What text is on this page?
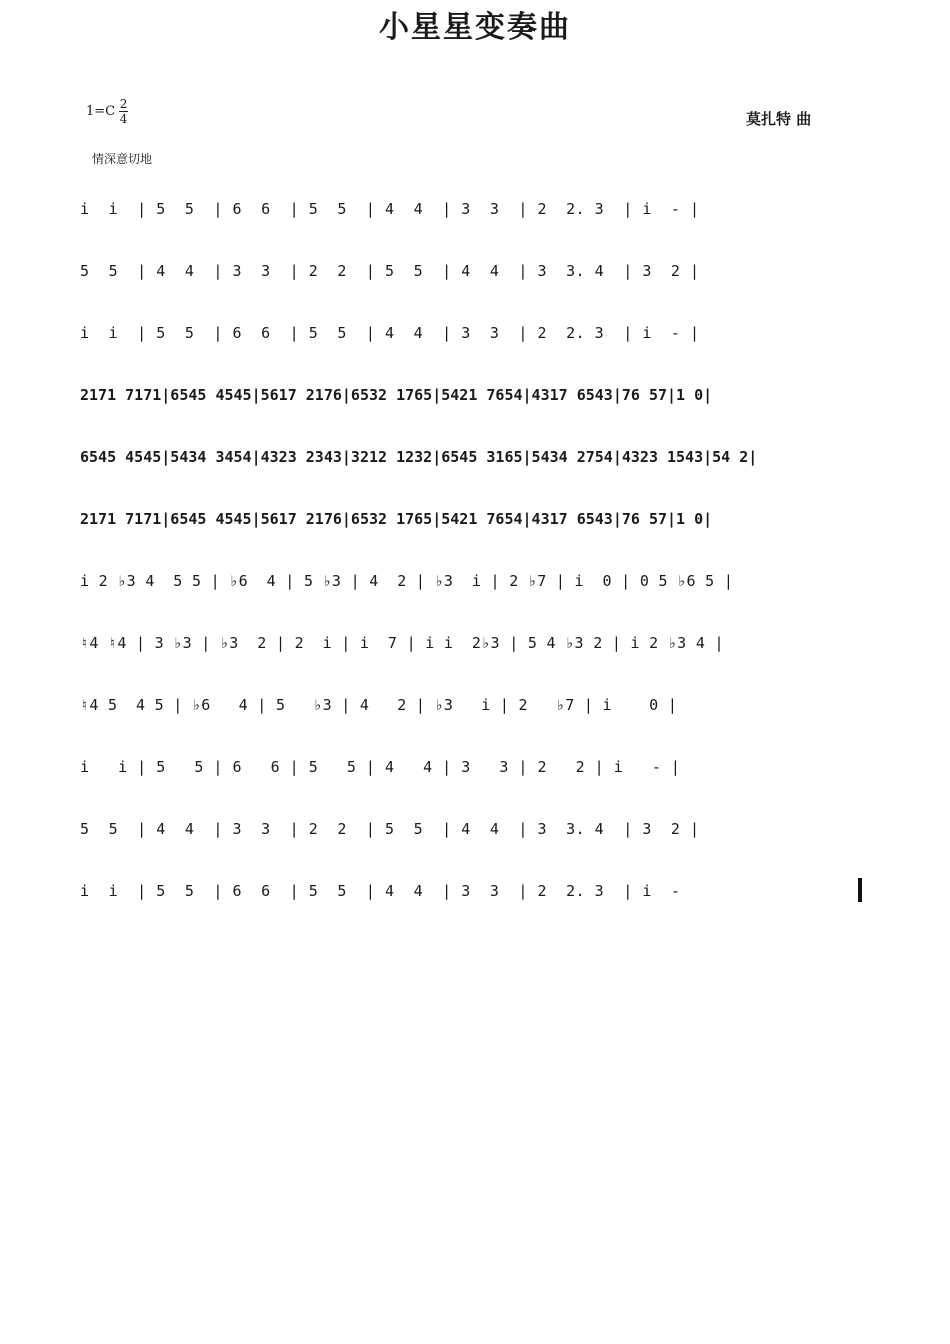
小星星变奏曲
$1=C \frac{2}{4}$	莫扎特 曲
情深意切地
i  i  | 5  5  | 6  6  | 5  5  | 4  4  | 3  3  | 2  2. 3  | i  - |
5  5  | 4  4  | 3  3  | 2  2  | 5  5  | 4  4  | 3  3. 4  | 3  2 |
i  i  | 5  5  | 6  6  | 5  5  | 4  4  | 3  3  | 2  2. 3  | i  - |
2171 7171|6545 4545|5617 2176|6532 1765|5421 7654|4317 6543|76 57|1 0|
6545 4545|5434 3454|4323 2343|3212 1232|6545 3165|5434 2754|4323 1543|54 2|
2171 7171|6545 4545|5617 2176|6532 1765|5421 7654|4317 6543|76 57|1 0|
i 2 ♭3 4  5 5 | ♭6  4 | 5 ♭3 | 4  2 | ♭3  i | 2 ♭7 | i  0 | 0 5 ♭6 5 |
♮4 ♮4 | 3 ♭3 | ♭3  2 | 2  i | i  7 | i i  2♭3 | 5 4 ♭3 2 | i 2 ♭3 4 |
♮4 5  4 5 | ♭6   4 | 5   ♭3 | 4   2 | ♭3   i | 2   ♭7 | i    0 |
i   i | 5   5 | 6   6 | 5   5 | 4   4 | 3   3 | 2   2 | i   - |
5  5  | 4  4  | 3  3  | 2  2  | 5  5  | 4  4  | 3  3. 4  | 3  2 |
i  i  | 5  5  | 6  6  | 5  5  | 4  4  | 3  3  | 2  2. 3  | i  -
